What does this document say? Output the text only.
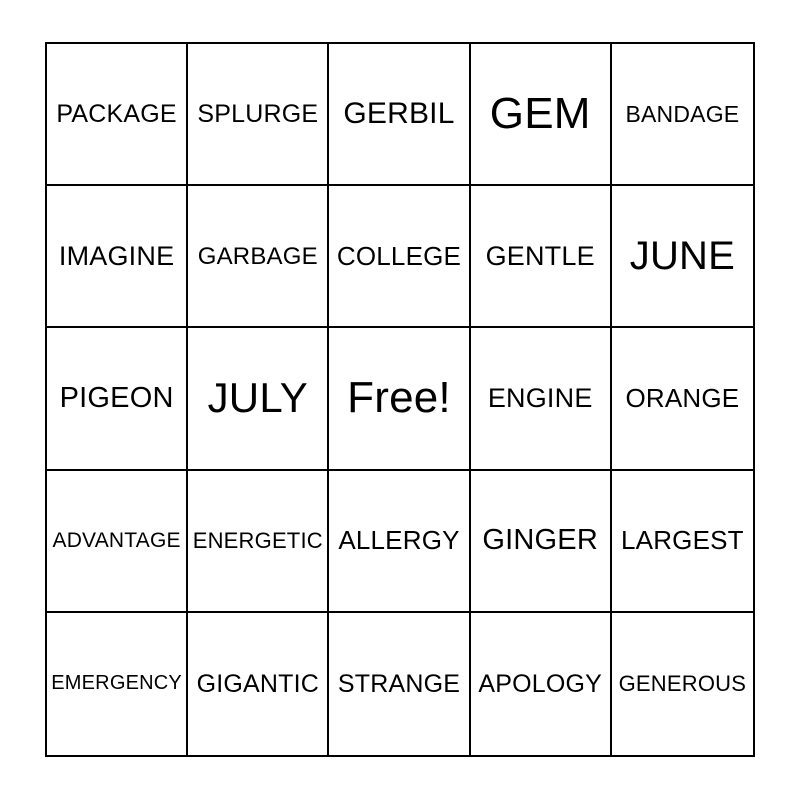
PACKAGE SPLURGE GERBIL GEM BANDAGE
IMAGINE GARBAGE COLLEGE GENTLE JUNE
PIGEON JULY Free! ENGINE ORANGE
ADVANTAGE ENERGETIC ALLERGY GINGER LARGEST
EMERGENCY GIGANTIC STRANGE APOLOGY GENEROUS
